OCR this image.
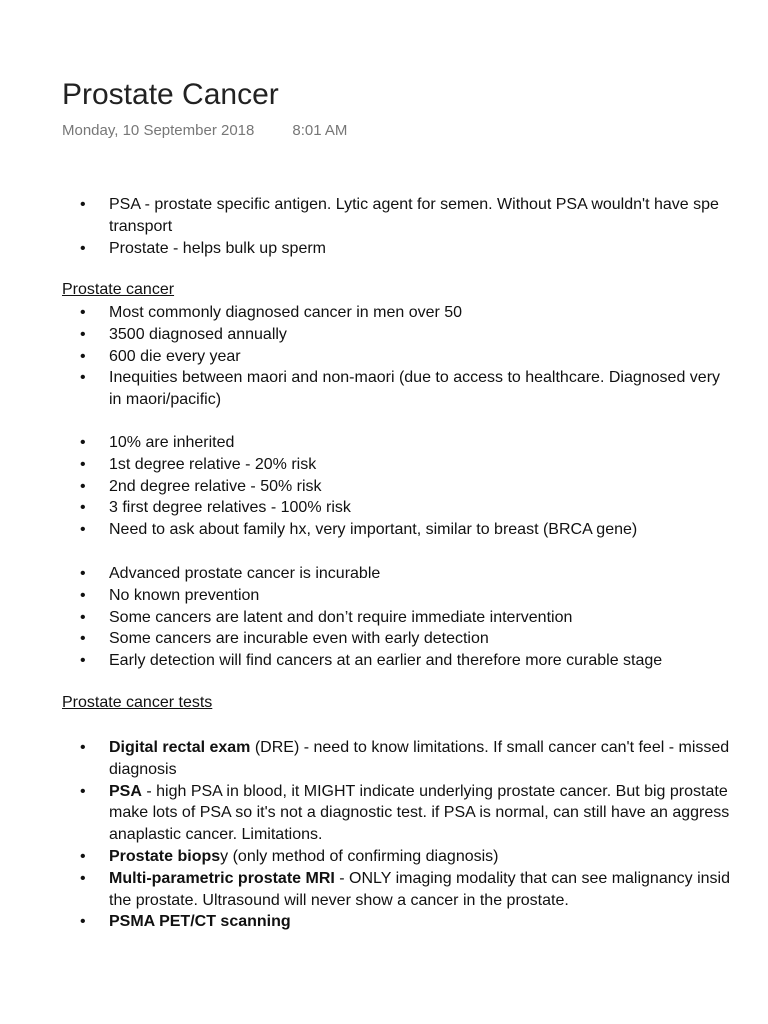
Prostate Cancer
Monday, 10 September 2018	8:01 AM
• PSA - prostate specific antigen. Lytic agent for semen. Without PSA wouldn't have spe
transport
• Prostate - helps bulk up sperm
Prostate cancer
• Most commonly diagnosed cancer in men over 50
• 3500 diagnosed annually
• 600 die every year
• Inequities between maori and non-maori (due to access to healthcare. Diagnosed very
in maori/pacific)
• 10% are inherited
• 1st degree relative - 20% risk
• 2nd degree relative - 50% risk
• 3 first degree relatives - 100% risk
• Need to ask about family hx, very important, similar to breast (BRCA gene)
• Advanced prostate cancer is incurable
• No known prevention
• Some cancers are latent and don’t require immediate intervention
• Some cancers are incurable even with early detection
• Early detection will find cancers at an earlier and therefore more curable stage
Prostate cancer tests
• Digital rectal exam (DRE) - need to know limitations. If small cancer can't feel - missed
diagnosis
• PSA - high PSA in blood, it MIGHT indicate underlying prostate cancer. But big prostate
make lots of PSA so it's not a diagnostic test. if PSA is normal, can still have an aggress
anaplastic cancer. Limitations.
• Prostate biopsy (only method of confirming diagnosis)
• Multi-parametric prostate MRI - ONLY imaging modality that can see malignancy insid
the prostate. Ultrasound will never show a cancer in the prostate.
• PSMA PET/CT scanning
